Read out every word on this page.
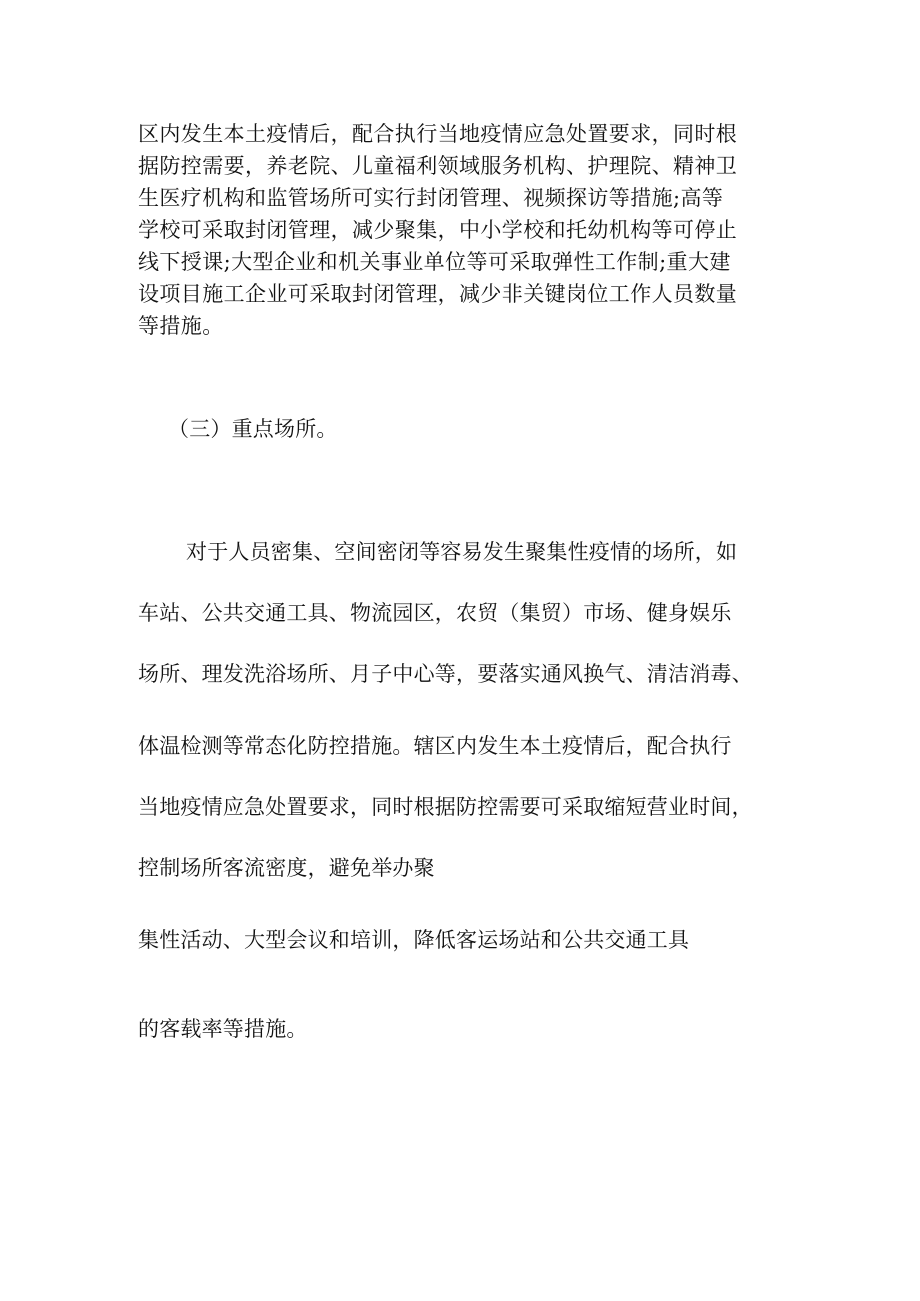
区内发生本土疫情后，配合执行当地疫情应急处置要求，同时根
据防控需要，养老院、儿童福利领域服务机构、护理院、精神卫
生医疗机构和监管场所可实行封闭管理、视频探访等措施;高等
学校可采取封闭管理，减少聚集，中小学校和托幼机构等可停止
线下授课;大型企业和机关事业单位等可采取弹性工作制;重大建
设项目施工企业可采取封闭管理，减少非关键岗位工作人员数量
等措施。
（三）重点场所。
对于人员密集、空间密闭等容易发生聚集性疫情的场所，如
车站、公共交通工具、物流园区，农贸（集贸）市场、健身娱乐
场所、理发洗浴场所、月子中心等，要落实通风换气、清洁消毒、
体温检测等常态化防控措施。辖区内发生本土疫情后，配合执行
当地疫情应急处置要求，同时根据防控需要可采取缩短营业时间，
控制场所客流密度，避免举办聚
集性活动、大型会议和培训，降低客运场站和公共交通工具
的客载率等措施。
